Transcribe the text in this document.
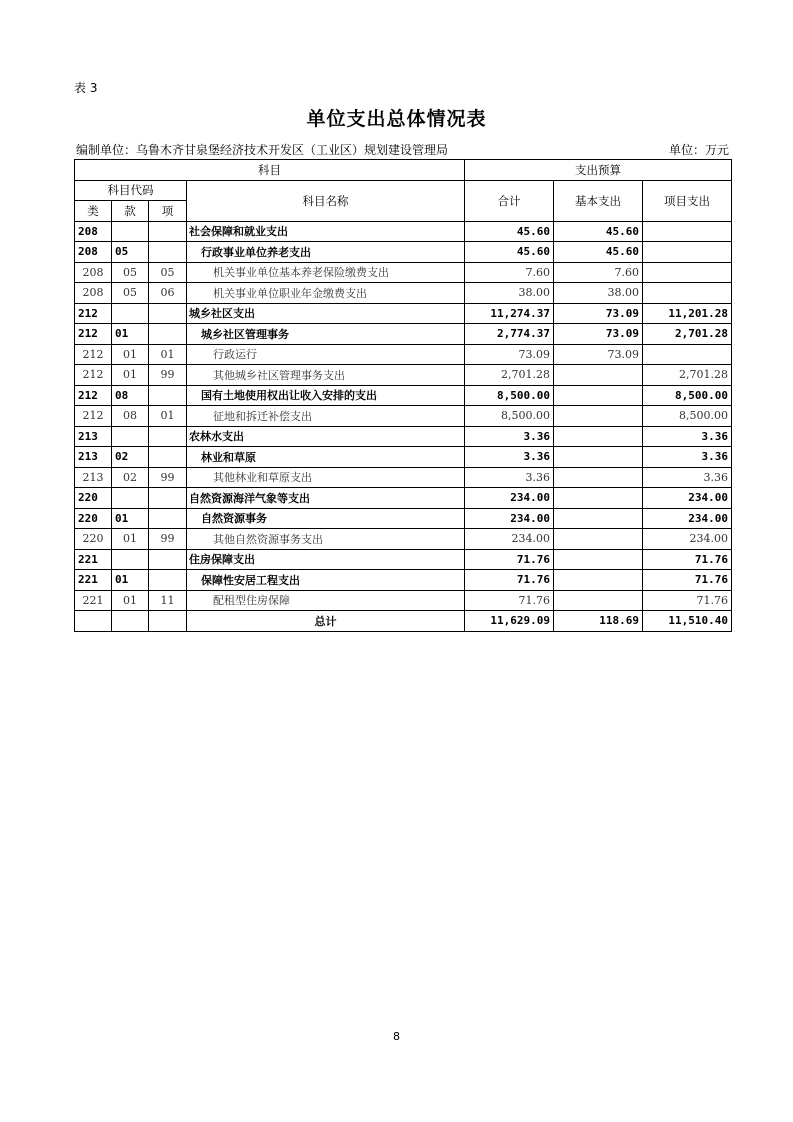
表 3
单位支出总体情况表
编制单位：乌鲁木齐甘泉堡经济技术开发区（工业区）规划建设管理局	单位：万元
科目				支出预算		
科目代码			科目名称	合计	基本支出	项目支出
类	款	项				
208			社会保障和就业支出	45.60	45.60	
208	05		行政事业单位养老支出	45.60	45.60	
208	05	05	机关事业单位基本养老保险缴费支出	7.60	7.60	
208	05	06	机关事业单位职业年金缴费支出	38.00	38.00	
212			城乡社区支出	11,274.37	73.09	11,201.28
212	01		城乡社区管理事务	2,774.37	73.09	2,701.28
212	01	01	行政运行	73.09	73.09	
212	01	99	其他城乡社区管理事务支出	2,701.28		2,701.28
212	08		国有土地使用权出让收入安排的支出	8,500.00		8,500.00
212	08	01	征地和拆迁补偿支出	8,500.00		8,500.00
213			农林水支出	3.36		3.36
213	02		林业和草原	3.36		3.36
213	02	99	其他林业和草原支出	3.36		3.36
220			自然资源海洋气象等支出	234.00		234.00
220	01		自然资源事务	234.00		234.00
220	01	99	其他自然资源事务支出	234.00		234.00
221			住房保障支出	71.76		71.76
221	01		保障性安居工程支出	71.76		71.76
221	01	11	配租型住房保障	71.76		71.76
			总计	11,629.09	118.69	11,510.40
8
